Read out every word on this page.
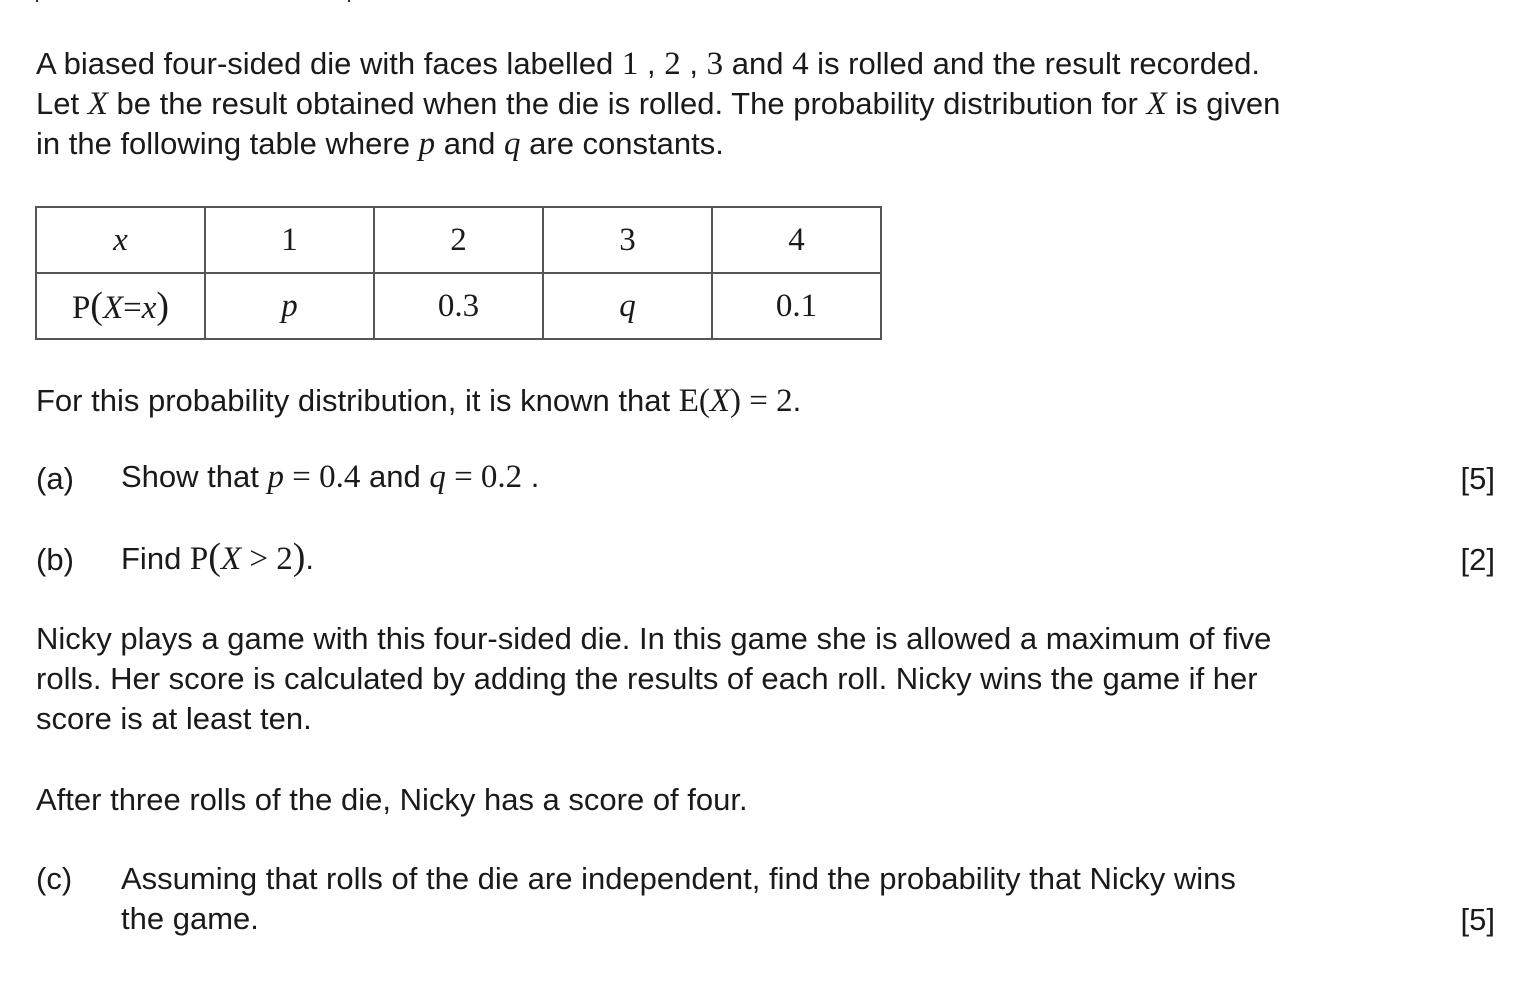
A biased four-sided die with faces labelled 1 , 2 , 3 and 4 is rolled and the result recorded.
Let X be the result obtained when the die is rolled. The probability distribution for X is given
in the following table where p and q are constants.

x	1	2	3	4
P(X=x)	p	0.3	q	0.1

For this probability distribution, it is known that E(X) = 2.

(a) Show that p = 0.4 and q = 0.2 .	[5]
(b) Find P(X > 2).	[2]

Nicky plays a game with this four-sided die. In this game she is allowed a maximum of five
rolls. Her score is calculated by adding the results of each roll. Nicky wins the game if her
score is at least ten.

After three rolls of the die, Nicky has a score of four.

(c) Assuming that rolls of the die are independent, find the probability that Nicky wins
the game.	[5]
